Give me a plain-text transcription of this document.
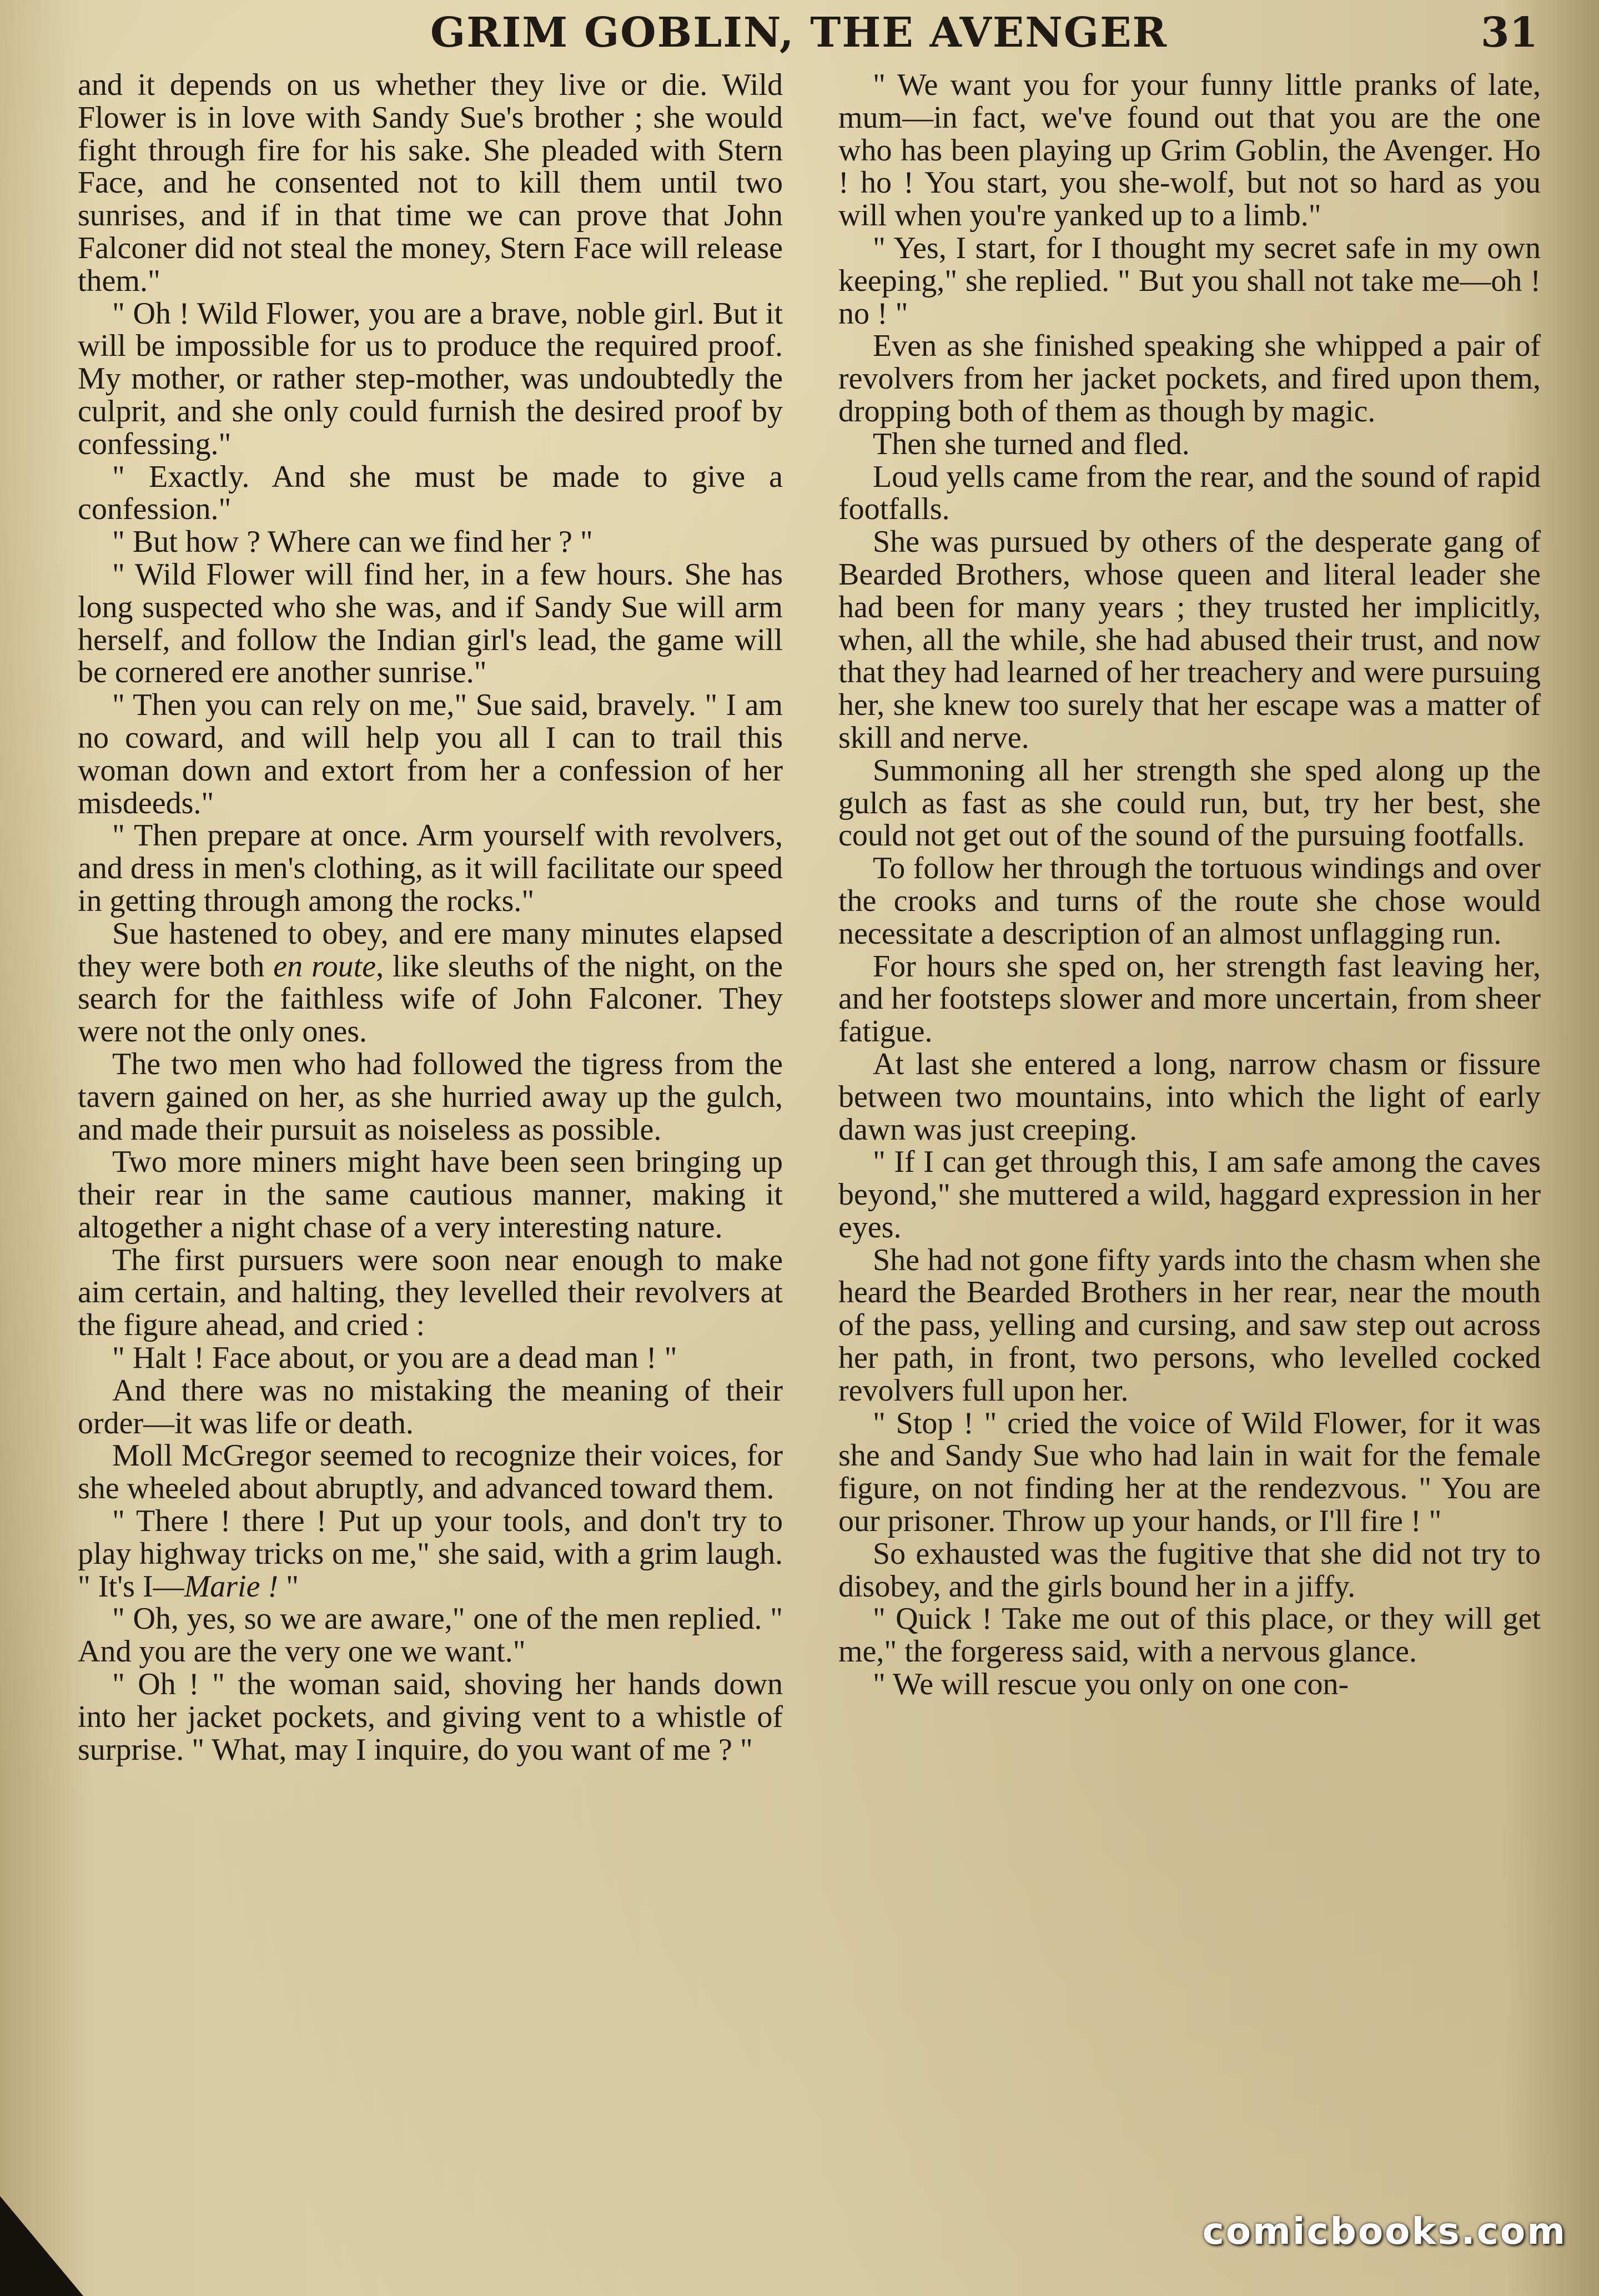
GRIM GOBLIN, THE AVENGER	31

and it depends on us whether they live or die. Wild Flower is in love with Sandy Sue's brother ; she would fight through fire for his sake. She pleaded with Stern Face, and he consented not to kill them until two sunrises, and if in that time we can prove that John Falconer did not steal the money, Stern Face will release them."

" Oh ! Wild Flower, you are a brave, noble girl. But it will be impossible for us to produce the required proof. My mother, or rather step-mother, was undoubtedly the culprit, and she only could furnish the desired proof by confessing."

" Exactly. And she must be made to give a confession."

" But how ? Where can we find her ? "

" Wild Flower will find her, in a few hours. She has long suspected who she was, and if Sandy Sue will arm herself, and follow the Indian girl's lead, the game will be cornered ere another sunrise."

" Then you can rely on me," Sue said, bravely. " I am no coward, and will help you all I can to trail this woman down and extort from her a confession of her misdeeds."

" Then prepare at once. Arm yourself with revolvers, and dress in men's clothing, as it will facilitate our speed in getting through among the rocks."

Sue hastened to obey, and ere many minutes elapsed they were both en route, like sleuths of the night, on the search for the faithless wife of John Falconer. They were not the only ones.

The two men who had followed the tigress from the tavern gained on her, as she hurried away up the gulch, and made their pursuit as noiseless as possible.

Two more miners might have been seen bringing up their rear in the same cautious manner, making it altogether a night chase of a very interesting nature.

The first pursuers were soon near enough to make aim certain, and halting, they levelled their revolvers at the figure ahead, and cried :

" Halt ! Face about, or you are a dead man ! "

And there was no mistaking the meaning of their order—it was life or death.

Moll McGregor seemed to recognize their voices, for she wheeled about abruptly, and advanced toward them.

" There ! there ! Put up your tools, and don't try to play highway tricks on me," she said, with a grim laugh. " It's I—Marie ! "

" Oh, yes, so we are aware," one of the men replied. " And you are the very one we want."

" Oh ! " the woman said, shoving her hands down into her jacket pockets, and giving vent to a whistle of surprise. " What, may I inquire, do you want of me ? "

" We want you for your funny little pranks of late, mum—in fact, we've found out that you are the one who has been playing up Grim Goblin, the Avenger. Ho ! ho ! You start, you she-wolf, but not so hard as you will when you're yanked up to a limb."

" Yes, I start, for I thought my secret safe in my own keeping," she replied. " But you shall not take me—oh ! no ! "

Even as she finished speaking she whipped a pair of revolvers from her jacket pockets, and fired upon them, dropping both of them as though by magic.

Then she turned and fled.

Loud yells came from the rear, and the sound of rapid footfalls.

She was pursued by others of the desperate gang of Bearded Brothers, whose queen and literal leader she had been for many years ; they trusted her implicitly, when, all the while, she had abused their trust, and now that they had learned of her treachery and were pursuing her, she knew too surely that her escape was a matter of skill and nerve.

Summoning all her strength she sped along up the gulch as fast as she could run, but, try her best, she could not get out of the sound of the pursuing footfalls.

To follow her through the tortuous windings and over the crooks and turns of the route she chose would necessitate a description of an almost unflagging run.

For hours she sped on, her strength fast leaving her, and her footsteps slower and more uncertain, from sheer fatigue.

At last she entered a long, narrow chasm or fissure between two mountains, into which the light of early dawn was just creeping.

" If I can get through this, I am safe among the caves beyond," she muttered a wild, haggard expression in her eyes.

She had not gone fifty yards into the chasm when she heard the Bearded Brothers in her rear, near the mouth of the pass, yelling and cursing, and saw step out across her path, in front, two persons, who levelled cocked revolvers full upon her.

" Stop ! " cried the voice of Wild Flower, for it was she and Sandy Sue who had lain in wait for the female figure, on not finding her at the rendezvous. " You are our prisoner. Throw up your hands, or I'll fire ! "

So exhausted was the fugitive that she did not try to disobey, and the girls bound her in a jiffy.

" Quick ! Take me out of this place, or they will get me," the forgeress said, with a nervous glance.

" We will rescue you only on one con-

comicbooks.com
